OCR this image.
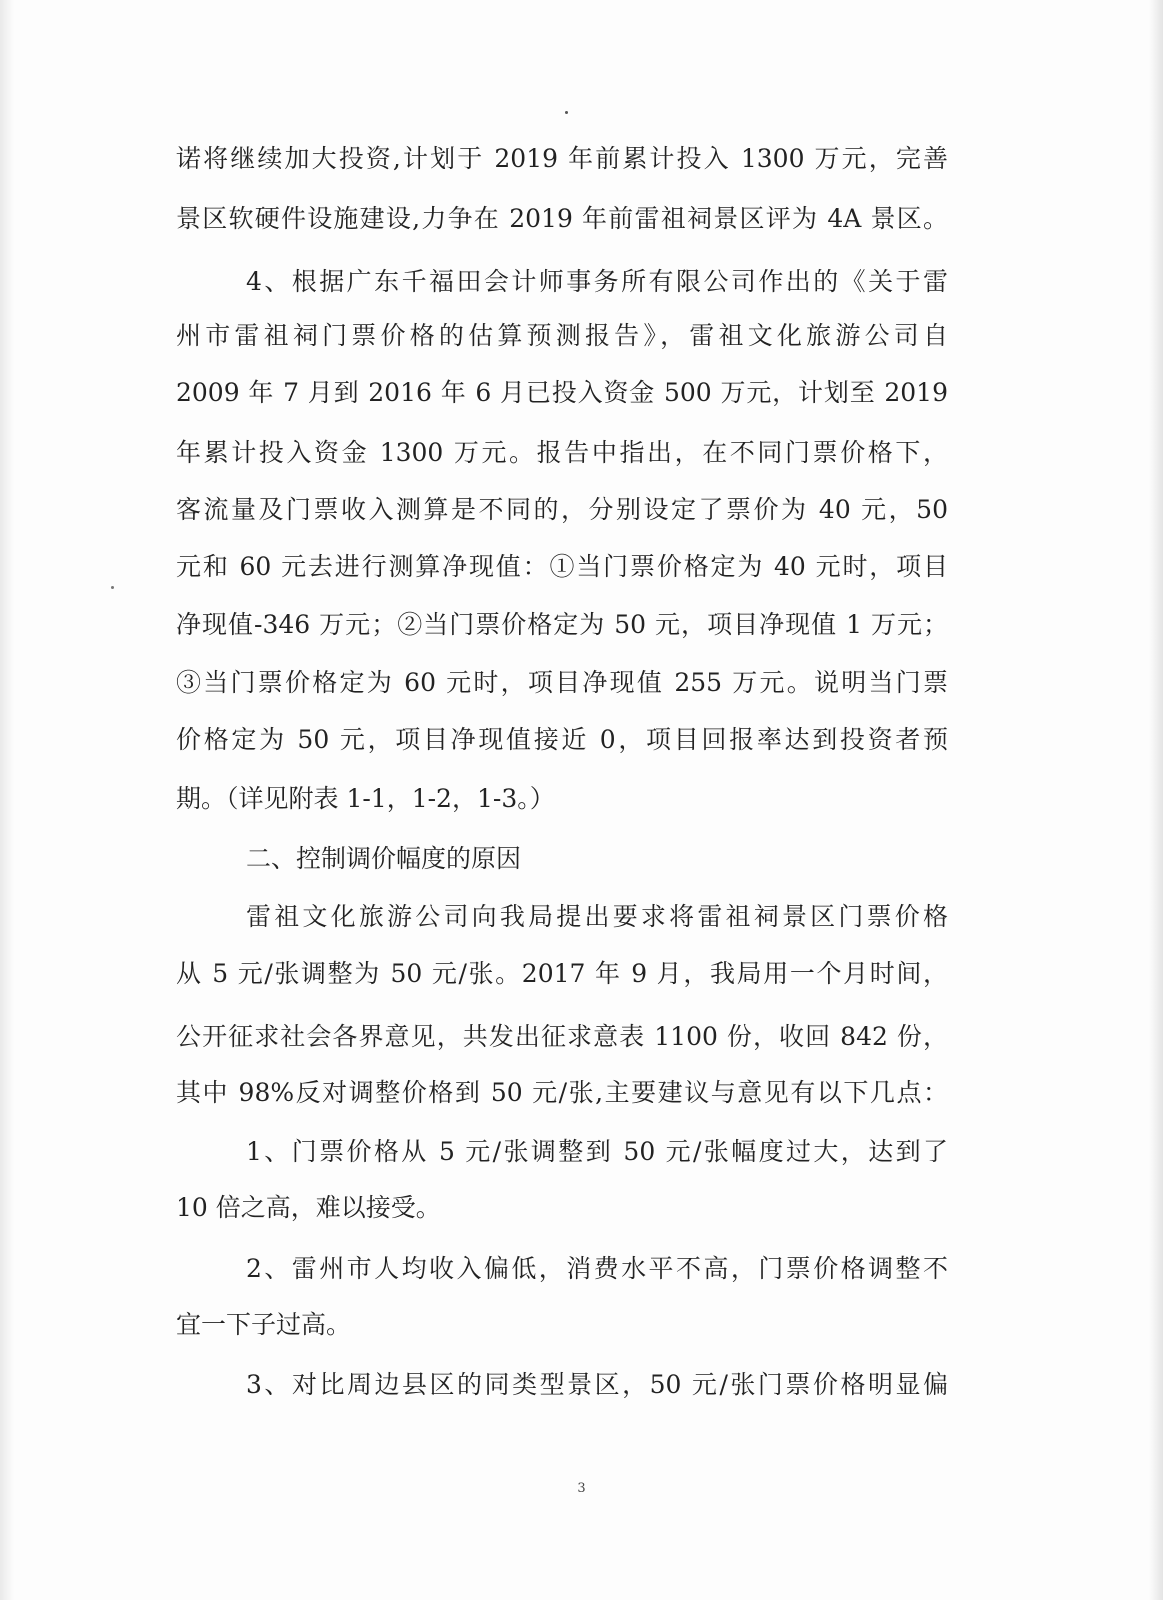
诺将继续加大投资,计划于 2019 年前累计投入 1300 万元，完善
景区软硬件设施建设,力争在 2019 年前雷祖祠景区评为 4A 景区。
4、根据广东千福田会计师事务所有限公司作出的《关于雷
州市雷祖祠门票价格的估算预测报告》，雷祖文化旅游公司自
2009 年 7 月到 2016 年 6 月已投入资金 500 万元，计划至 2019
年累计投入资金 1300 万元。报告中指出，在不同门票价格下，
客流量及门票收入测算是不同的，分别设定了票价为 40 元，50
元和 60 元去进行测算净现值：①当门票价格定为 40 元时，项目
净现值-346 万元；②当门票价格定为 50 元，项目净现值 1 万元；
③当门票价格定为 60 元时，项目净现值 255 万元。说明当门票
价格定为 50 元，项目净现值接近 0，项目回报率达到投资者预
期。（详见附表 1-1，1-2，1-3。）
二、控制调价幅度的原因
雷祖文化旅游公司向我局提出要求将雷祖祠景区门票价格
从 5 元/张调整为 50 元/张。2017 年 9 月，我局用一个月时间，
公开征求社会各界意见，共发出征求意表 1100 份，收回 842 份，
其中 98%反对调整价格到 50 元/张,主要建议与意见有以下几点：
1、门票价格从 5 元/张调整到 50 元/张幅度过大，达到了
10 倍之高，难以接受。
2、雷州市人均收入偏低，消费水平不高，门票价格调整不
宜一下子过高。
3、对比周边县区的同类型景区，50 元/张门票价格明显偏
3
